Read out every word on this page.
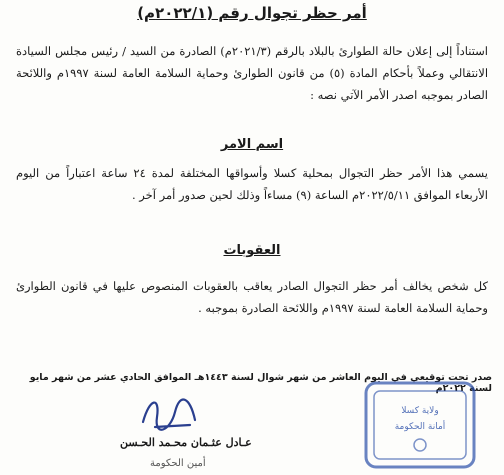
أمر حظر تجوال رقم (٢٠٢٢/١م)
استناداً إلى إعلان حالة الطوارئ بالبلاد بالرقم (٢٠٢١/٣م) الصادرة من السيد / رئيس مجلس السيادة الانتقالي وعملاً بأحكام المادة (٥) من قانون الطوارئ وحماية السلامة العامة لسنة ١٩٩٧م واللائحة الصادر بموجبه اصدر الأمر الآتي نصه :
اسم الامر
يسمي هذا الأمر حظر التجوال بمحلية كسلا وأسواقها المختلفة لمدة ٢٤ ساعة اعتباراً من اليوم الأربعاء الموافق ٢٠٢٢/٥/١١م الساعة (٩) مساءاً وذلك لحين صدور أمر آخر .
العقوبات
كل شخص يخالف أمر حظر التجوال الصادر يعاقب بالعقوبات المنصوص عليها في قانون الطوارئ وحماية السلامة العامة لسنة ١٩٩٧م واللائحة الصادرة بموجبه .
صدر تحت توقيعي في اليوم العاشر من شهر شوال لسنة ١٤٤٣هـ الموافق الحادي عشر من شهر مايو لسنة ٢٠٢٢م
عـادل عثـمان محـمد الحـسن
أمين الحكومة
ولاية كسلا
أمانة الحكومة
